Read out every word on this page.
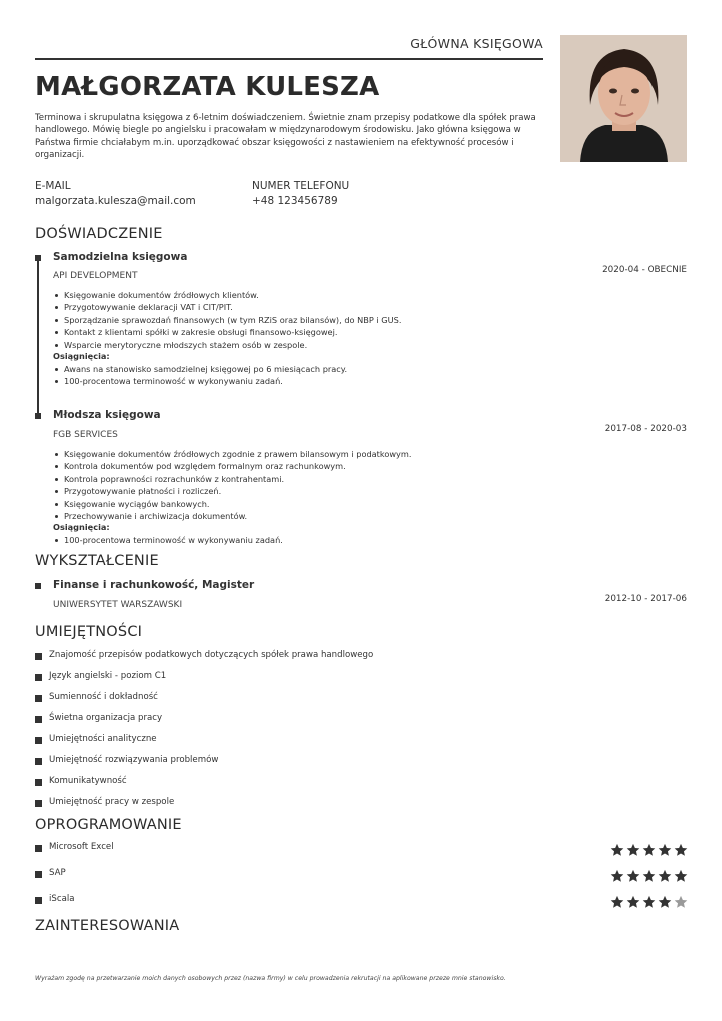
GŁÓWNA KSIĘGOWA
MAŁGORZATA KULESZA
Terminowa i skrupulatna księgowa z 6-letnim doświadczeniem. Świetnie znam przepisy podatkowe dla spółek prawa handlowego. Mówię biegle po angielsku i pracowałam w międzynarodowym środowisku. Jako główna księgowa w Państwa firmie chciałabym m.in. uporządkować obszar księgowości z nastawieniem na efektywność procesów i organizacji.
E-MAIL
malgorzata.kulesza@mail.com
NUMER TELEFONU
+48 123456789
DOŚWIADCZENIE
Samodzielna księgowa
API DEVELOPMENT
2020-04 - OBECNIE
Księgowanie dokumentów źródłowych klientów.
Przygotowywanie deklaracji VAT i CIT/PIT.
Sporządzanie sprawozdań finansowych (w tym RZiS oraz bilansów), do NBP i GUS.
Kontakt z klientami spółki w zakresie obsługi finansowo-księgowej.
Wsparcie merytoryczne młodszych stażem osób w zespole.
Osiągnięcia:
Awans na stanowisko samodzielnej księgowej po 6 miesiącach pracy.
100-procentowa terminowość w wykonywaniu zadań.
Młodsza księgowa
FGB SERVICES
2017-08 - 2020-03
Księgowanie dokumentów źródłowych zgodnie z prawem bilansowym i podatkowym.
Kontrola dokumentów pod względem formalnym oraz rachunkowym.
Kontrola poprawności rozrachunków z kontrahentami.
Przygotowywanie płatności i rozliczeń.
Księgowanie wyciągów bankowych.
Przechowywanie i archiwizacja dokumentów.
Osiągnięcia:
100-procentowa terminowość w wykonywaniu zadań.
WYKSZTAŁCENIE
Finanse i rachunkowość, Magister
UNIWERSYTET WARSZAWSKI
2012-10 - 2017-06
UMIEJĘTNOŚCI
Znajomość przepisów podatkowych dotyczących spółek prawa handlowego
Język angielski - poziom C1
Sumienność i dokładność
Świetna organizacja pracy
Umiejętności analityczne
Umiejętność rozwiązywania problemów
Komunikatywność
Umiejętność pracy w zespole
OPROGRAMOWANIE
Microsoft Excel
SAP
iScala
ZAINTERESOWANIA
Wyrażam zgodę na przetwarzanie moich danych osobowych przez (nazwa firmy) w celu prowadzenia rekrutacji na aplikowane przeze mnie stanowisko.
